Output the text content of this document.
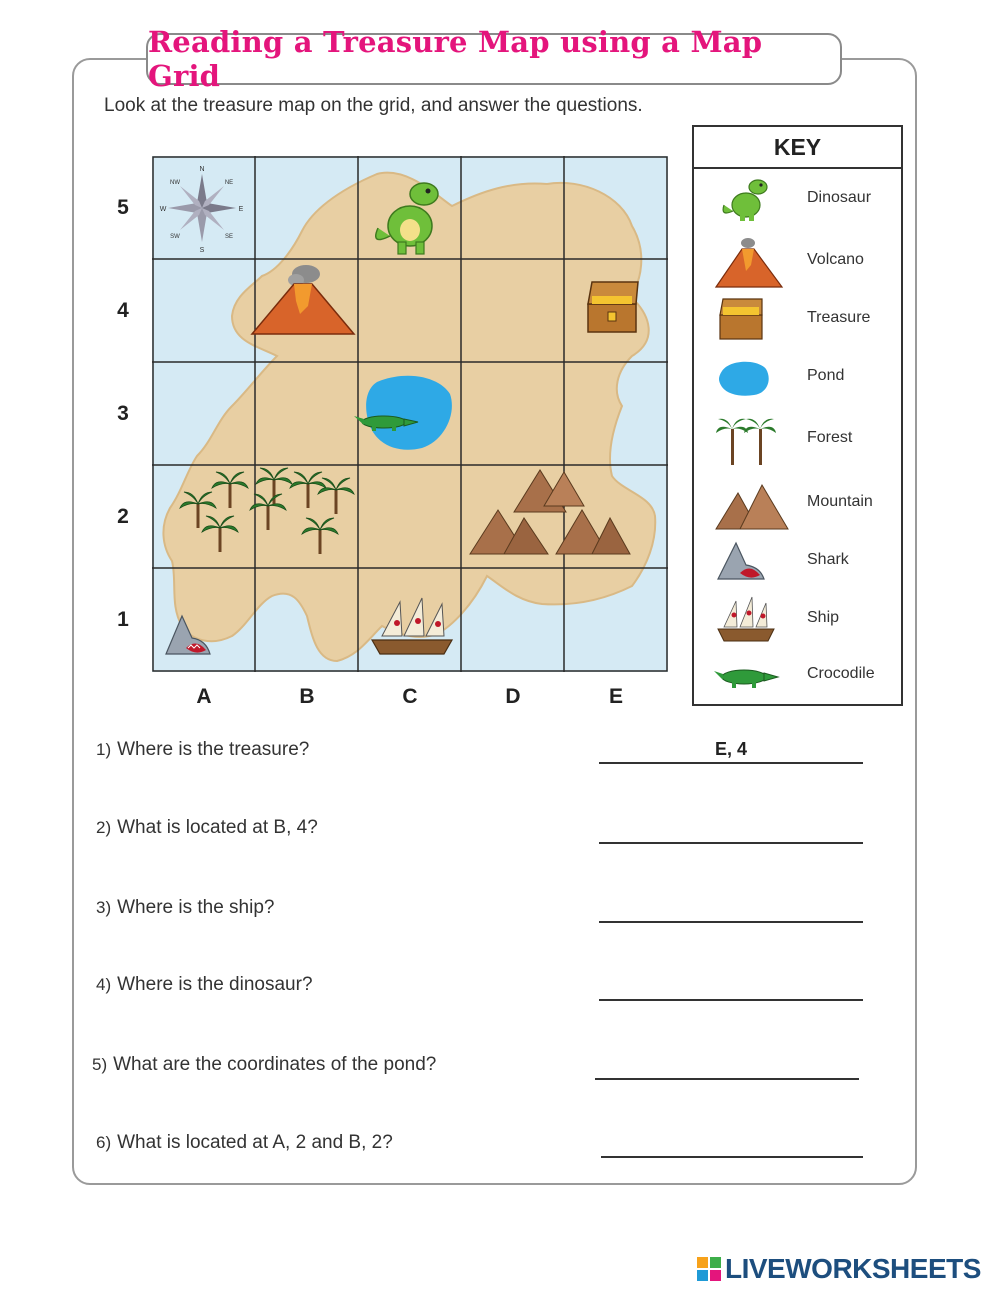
Reading a Treasure Map using a Map Grid
Look at the treasure map on the grid, and answer the questions.
5
4
3
2
1
A	B	C	D	E
N
NE
E
SE
S
SW
W
NW
KEY
Dinosaur
Volcano
Treasure
Pond
Forest
Mountain
Shark
Ship
Crocodile
1) Where is the treasure?	E, 4
2) What is located at B, 4?
3) Where is the ship?
4) Where is the dinosaur?
5) What are the coordinates of the pond?
6) What is located at A, 2 and B, 2?
LIVEWORKSHEETS
